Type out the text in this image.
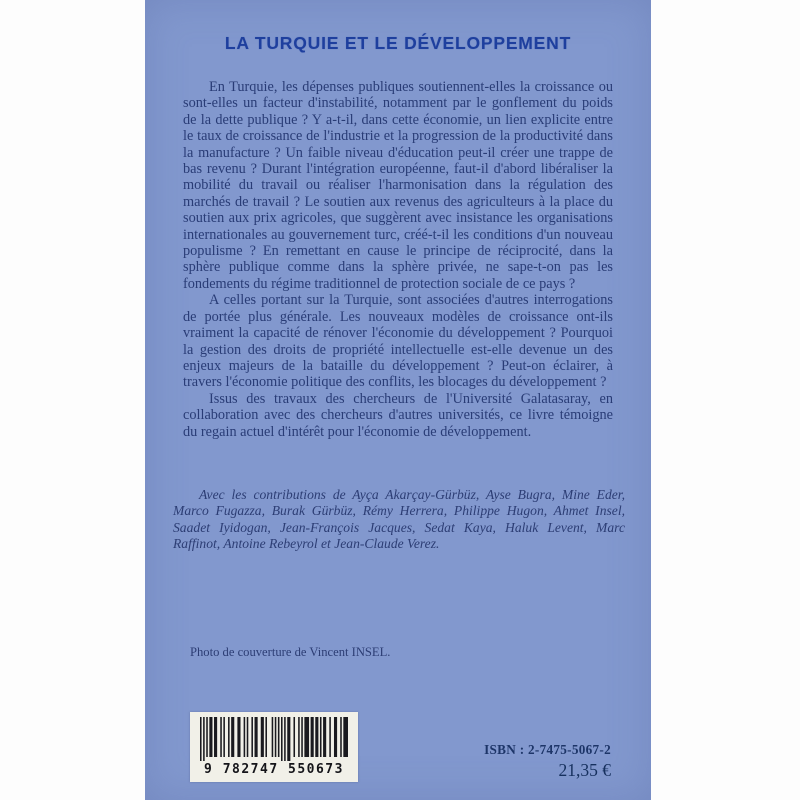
LA TURQUIE ET LE DÉVELOPPEMENT

En Turquie, les dépenses publiques soutiennent-elles la croissance ou sont-elles un facteur d'instabilité, notamment par le gonflement du poids de la dette publique ? Y a-t-il, dans cette économie, un lien explicite entre le taux de croissance de l'industrie et la progression de la productivité dans la manufacture ? Un faible niveau d'éducation peut-il créer une trappe de bas revenu ? Durant l'intégration européenne, faut-il d'abord libéraliser la mobilité du travail ou réaliser l'harmonisation dans la régulation des marchés de travail ? Le soutien aux revenus des agriculteurs à la place du soutien aux prix agricoles, que suggèrent avec insistance les organisations internationales au gouvernement turc, créé-t-il les conditions d'un nouveau populisme ? En remettant en cause le principe de réciprocité, dans la sphère publique comme dans la sphère privée, ne sape-t-on pas les fondements du régime traditionnel de protection sociale de ce pays ?

A celles portant sur la Turquie, sont associées d'autres interrogations de portée plus générale. Les nouveaux modèles de croissance ont-ils vraiment la capacité de rénover l'économie du développement ? Pourquoi la gestion des droits de propriété intellectuelle est-elle devenue un des enjeux majeurs de la bataille du développement ? Peut-on éclairer, à travers l'économie politique des conflits, les blocages du développement ?

Issus des travaux des chercheurs de l'Université Galatasaray, en collaboration avec des chercheurs d'autres universités, ce livre témoigne du regain actuel d'intérêt pour l'économie de développement.

Avec les contributions de Ayça Akarçay-Gürbüz, Ayse Bugra, Mine Eder, Marco Fugazza, Burak Gürbüz, Rémy Herrera, Philippe Hugon, Ahmet Insel, Saadet Iyidogan, Jean-François Jacques, Sedat Kaya, Haluk Levent, Marc Raffinot, Antoine Rebeyrol et Jean-Claude Verez.
Photo de couverture de Vincent INSEL.
9 782747 550673
ISBN : 2-7475-5067-2
21,35 €
